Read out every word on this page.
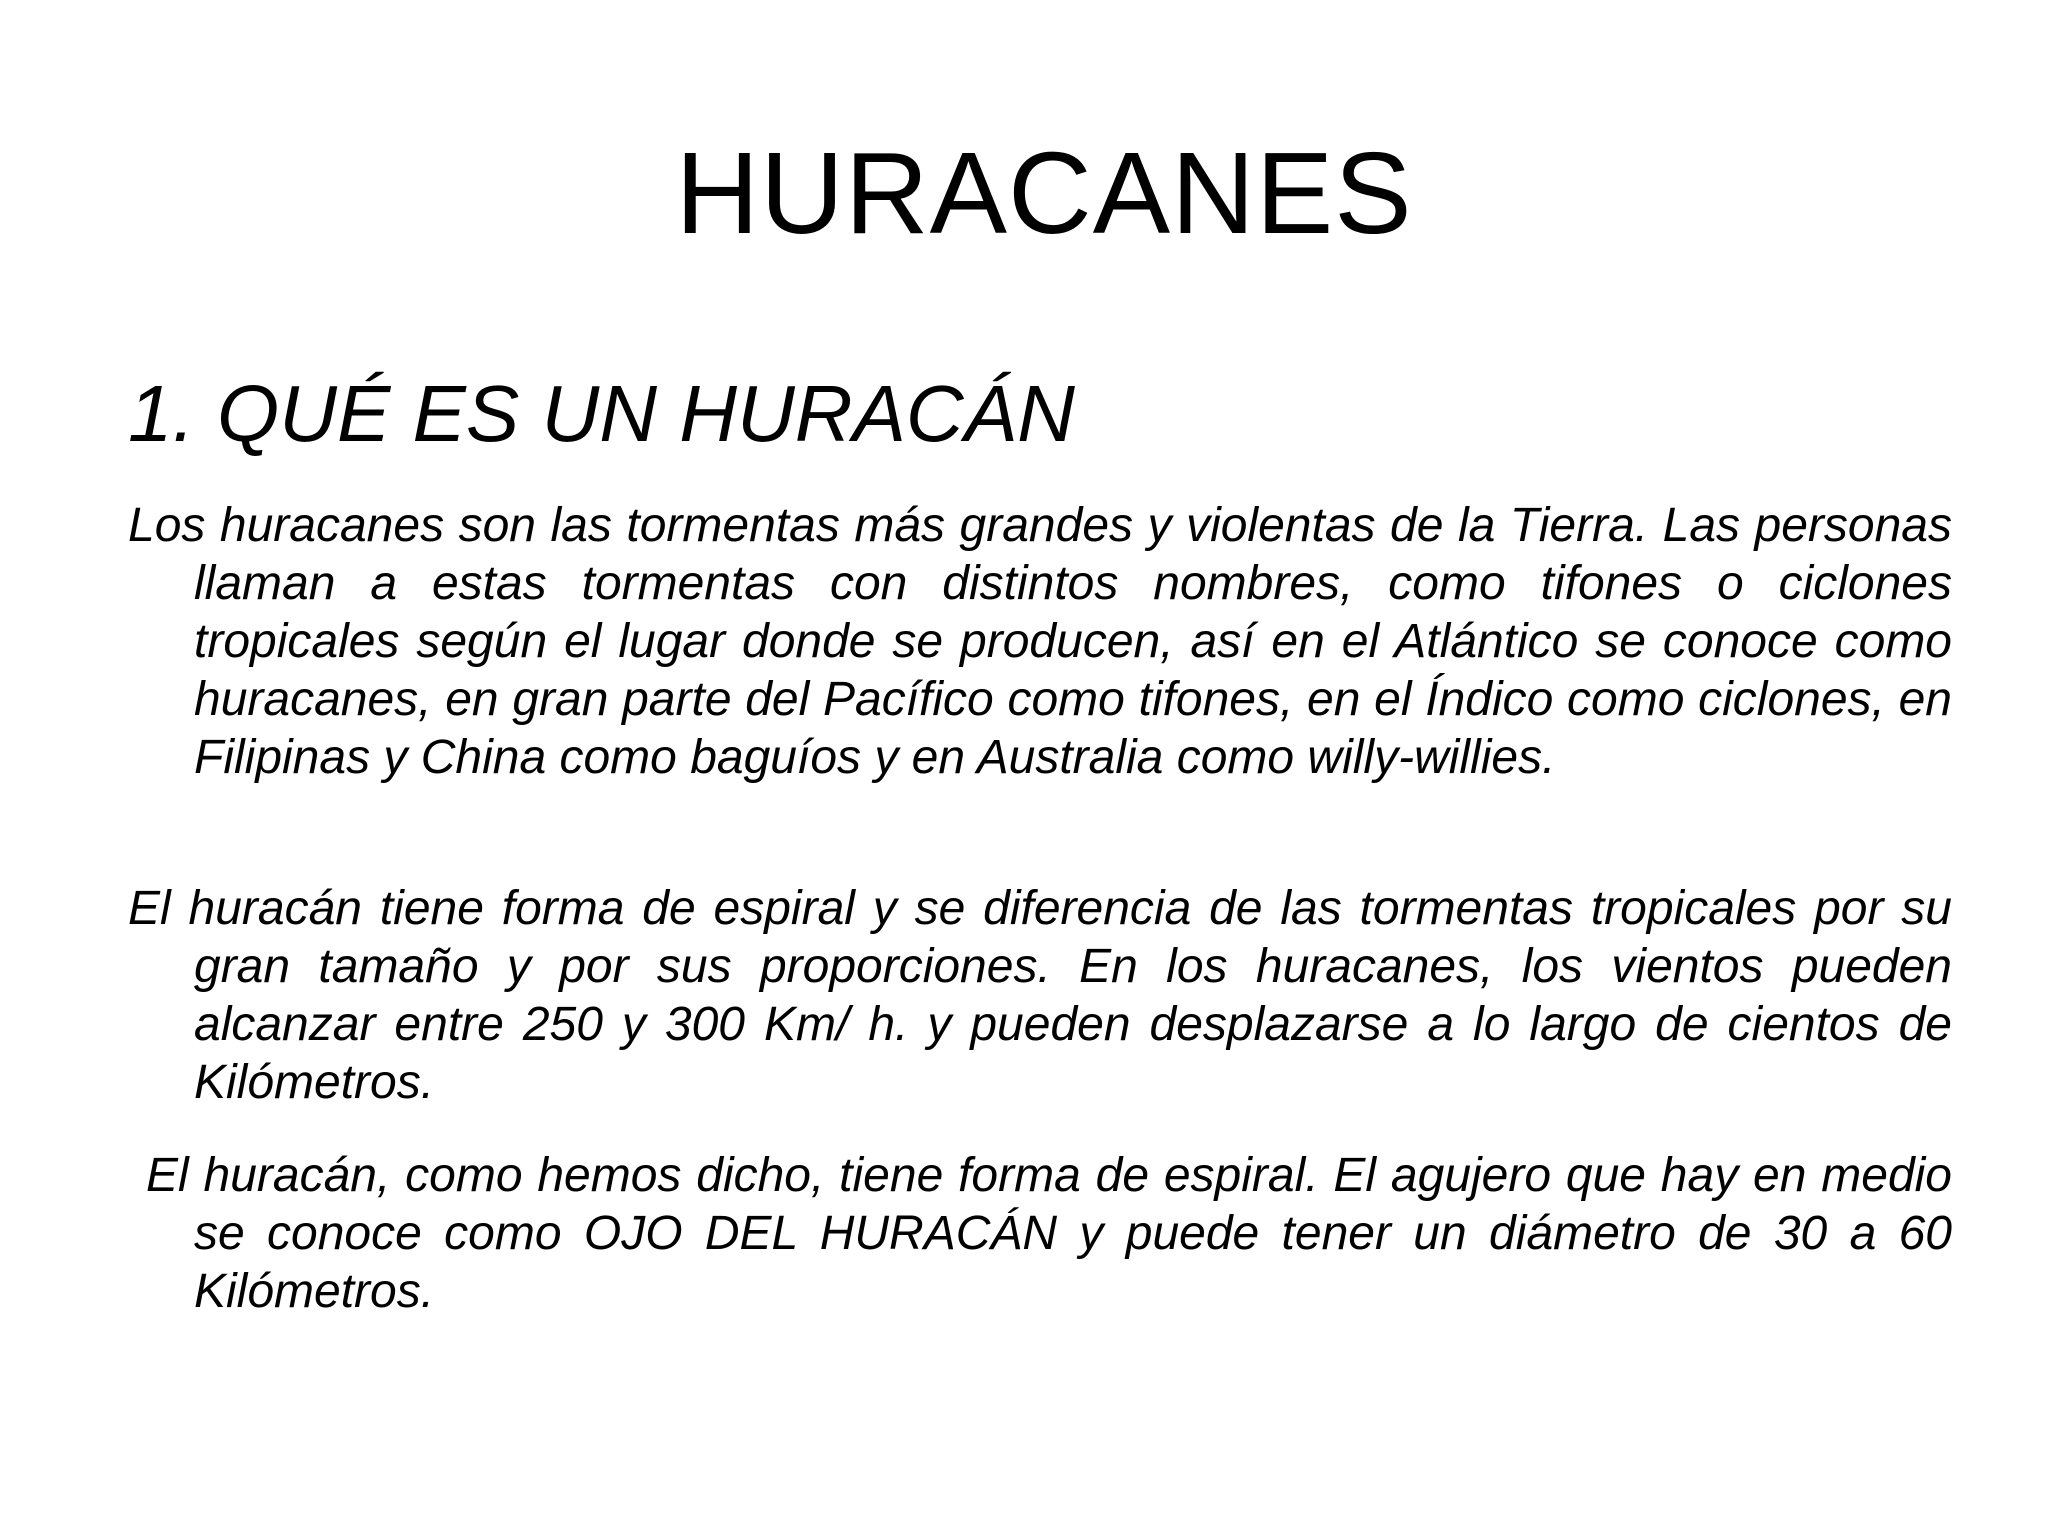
HURACANES
1. QUÉ ES UN HURACÁN

Los huracanes son las tormentas más grandes y violentas de la Tierra. Las personas llaman a estas tormentas con distintos nombres, como tifones o ciclones tropicales según el lugar donde se producen, así en el Atlántico se conoce como huracanes, en gran parte del Pacífico como tifones, en el Índico como ciclones, en Filipinas y China como baguíos y en Australia como willy-willies.

El huracán tiene forma de espiral y se diferencia de las tormentas tropicales por su gran tamaño y por sus proporciones. En los huracanes, los vientos pueden alcanzar entre 250 y 300 Km/ h. y pueden desplazarse a lo largo de cientos de Kilómetros.

El huracán, como hemos dicho, tiene forma de espiral. El agujero que hay en medio se conoce como OJO DEL HURACÁN y puede tener un diámetro de 30 a 60 Kilómetros.
